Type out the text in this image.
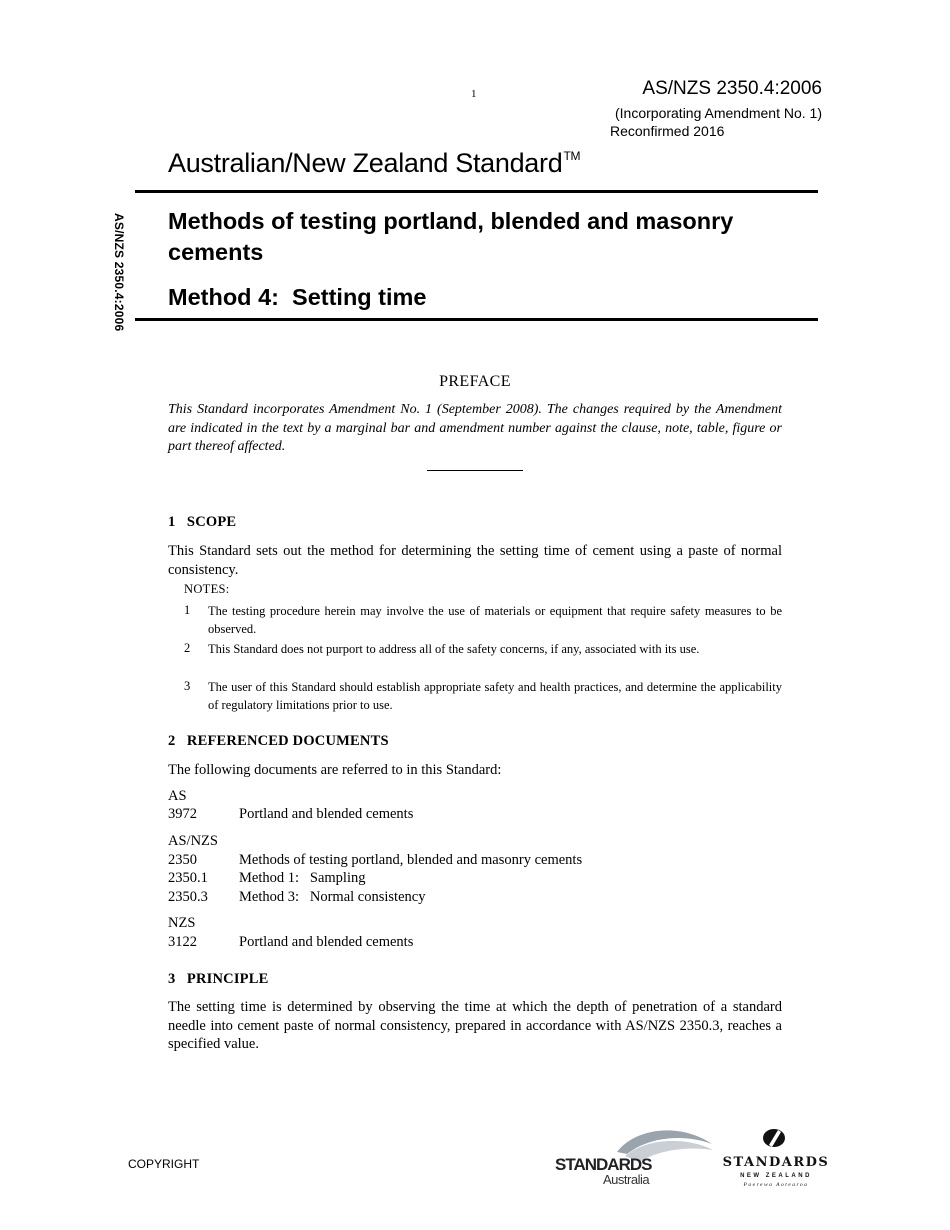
1	AS/NZS 2350.4:2006
(Incorporating Amendment No. 1)
Reconfirmed 2016
Australian/New Zealand Standard™
AS/NZS 2350.4:2006 Methods of testing portland, blended and masonry cements
Method 4:  Setting time
PREFACE
This Standard incorporates Amendment No. 1 (September 2008). The changes required by the Amendment are indicated in the text by a marginal bar and amendment number against the clause, note, table, figure or part thereof affected.
1   SCOPE
This Standard sets out the method for determining the setting time of cement using a paste of normal consistency.
NOTES:
1 The testing procedure herein may involve the use of materials or equipment that require safety measures to be observed.
2 This Standard does not purport to address all of the safety concerns, if any, associated with its use.
3 The user of this Standard should establish appropriate safety and health practices, and determine the applicability of regulatory limitations prior to use.
2   REFERENCED DOCUMENTS
The following documents are referred to in this Standard:
AS
3972	Portland and blended cements
AS/NZS
2350	Methods of testing portland, blended and masonry cements
2350.1 Method 1:   Sampling
2350.3 Method 3:   Normal consistency
NZS
3122	Portland and blended cements
3   PRINCIPLE
The setting time is determined by observing the time at which the depth of penetration of a standard needle into cement paste of normal consistency, prepared in accordance with AS/NZS 2350.3, reaches a specified value.
COPYRIGHT	STANDARDS
Australia
STANDARDS
NEW ZEALAND
Paerewa Aotearoa
